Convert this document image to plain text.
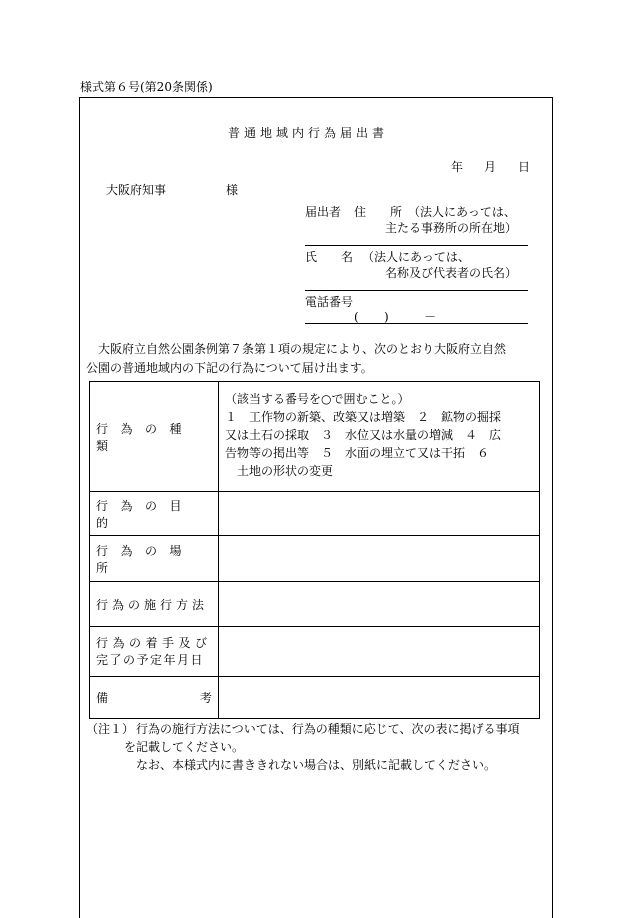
様式第６号(第20条関係)
普通地域内行為届出書
年 月 日
大阪府知事	様
届出者 住　　所 （法人にあっては、
主たる事務所の所在地）
氏　　名 （法人にあっては、
名称及び代表者の氏名）
電話番号
( )	－
大阪府立自然公園条例第７条第１項の規定により、次のとおり大阪府立自然
公園の普通地域内の下記の行為について届け出ます。
行為の種類	（該当する番号を○で囲むこと。）
１　工作物の新築、改築又は増築　２　鉱物の掘採
又は土石の採取　３　水位又は水量の増減　４　広
告物等の掲出等　５　水面の埋立て又は干拓　６
土地の形状の変更

行為の目的	
行為の場所	
行為の施行方法	

行為の着手及び
完了の予定年月日	

備 考	

（注１） 行為の施行方法については、行為の種類に応じて、次の表に掲げる事項
を記載してください。
なお、本様式内に書ききれない場合は、別紙に記載してください。
